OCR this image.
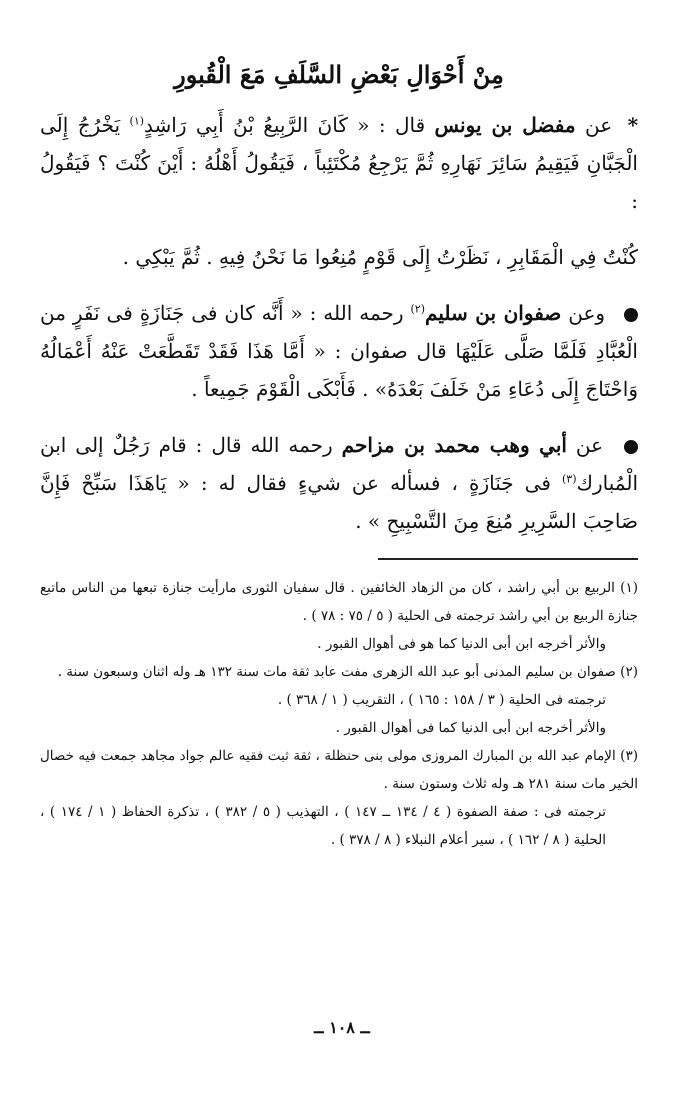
مِنْ أَحْوَالِ بَعْضِ السَّلَفِ مَعَ الْقُبورِ

* عن مفضل بن يونس قال : « كَانَ الرَّبِيعُ بْنُ أَبِي رَاشِدٍ$^{(١)}$ يَخْرُجُ إِلَى الْجَبَّانِ فَيَقِيمُ سَائِرَ نَهَارِهِ ثُمَّ يَرْجِعُ مُكْتَئِباً ، فَيَقُولُ أَهْلُهُ : أَيْنَ كُنْتَ ؟ فَيَقُولُ :

كُنْتُ فِي الْمَقَابِرِ ، نَظَرْتُ إِلَى قَوْمٍ مُنِعُوا مَا نَحْنُ فِيهِ . ثُمَّ يَبْكِي .

وعن صفوان بن سليم$^{(٢)}$ رحمه الله : « أَنَّه كان فى جَنَازَةٍ فى نَفَرٍ من الْعُبَّادِ فَلَمَّا صَلَّى عَلَيْهَا قال صفوان : « أَمَّا هَذَا فَقَدْ تَقَطَّعَتْ عَنْهُ أَعْمَالُهُ وَاحْتَاجَ إِلَى دُعَاءِ مَنْ خَلَفَ بَعْدَهُ» . فَأَبْكَى الْقَوْمَ جَمِيعاً .

عن أبي وهب محمد بن مزاحم رحمه الله قال : قام رَجُلٌ إلى ابن الْمُبارك$^{(٣)}$ فى جَنَازَةٍ ، فسأله عن شيءٍ فقال له : « يَاهَذَا سَبِّحْ فَإِنَّ صَاحِبَ السَّرِيرِ مُنِعَ مِنَ التَّسْبِيحِ » .

(١) الربيع بن أبي راشد ، كان من الزهاد الخائفين . قال سفيان الثورى مارأيت جنازة تبعها من الناس ماتبع جنازة الربيع بن أبي راشد ترجمته فى الحلية ( ٥ / ٧٥ : ٧٨ ) .

والأثر أخرجه ابن أبى الدنيا كما هو فى أهوال القبور .

(٢) صفوان بن سليم المدنى أبو عبد الله الزهرى مفت عابد ثقة مات سنة ١٣٢ هـ وله اثنان وسبعون سنة .

ترجمته فى الحلية ( ٣ / ١٥٨ : ١٦٥ ) ، التقريب ( ١ / ٣٦٨ ) .

والأثر أخرجه ابن أبى الدنيا كما فى أهوال القبور .

(٣) الإمام عبد الله بن المبارك المروزى مولى بنى حنظلة ، ثقة ثبت فقيه عالم جواد مجاهد جمعت فيه خصال الخير مات سنة ٢٨١ هـ وله ثلاث وستون سنة .

ترجمته فى : صفة الصفوة ( ٤ / ١٣٤ ــ ١٤٧ ) ، التهذيب ( ٥ / ٣٨٢ ) ، تذكرة الحفاظ ( ١ / ١٧٤ ) ، الحلية ( ٨ / ١٦٢ ) ، سير أعلام النبلاء ( ٨ / ٣٧٨ ) .

ــ ١٠٨ ــ
